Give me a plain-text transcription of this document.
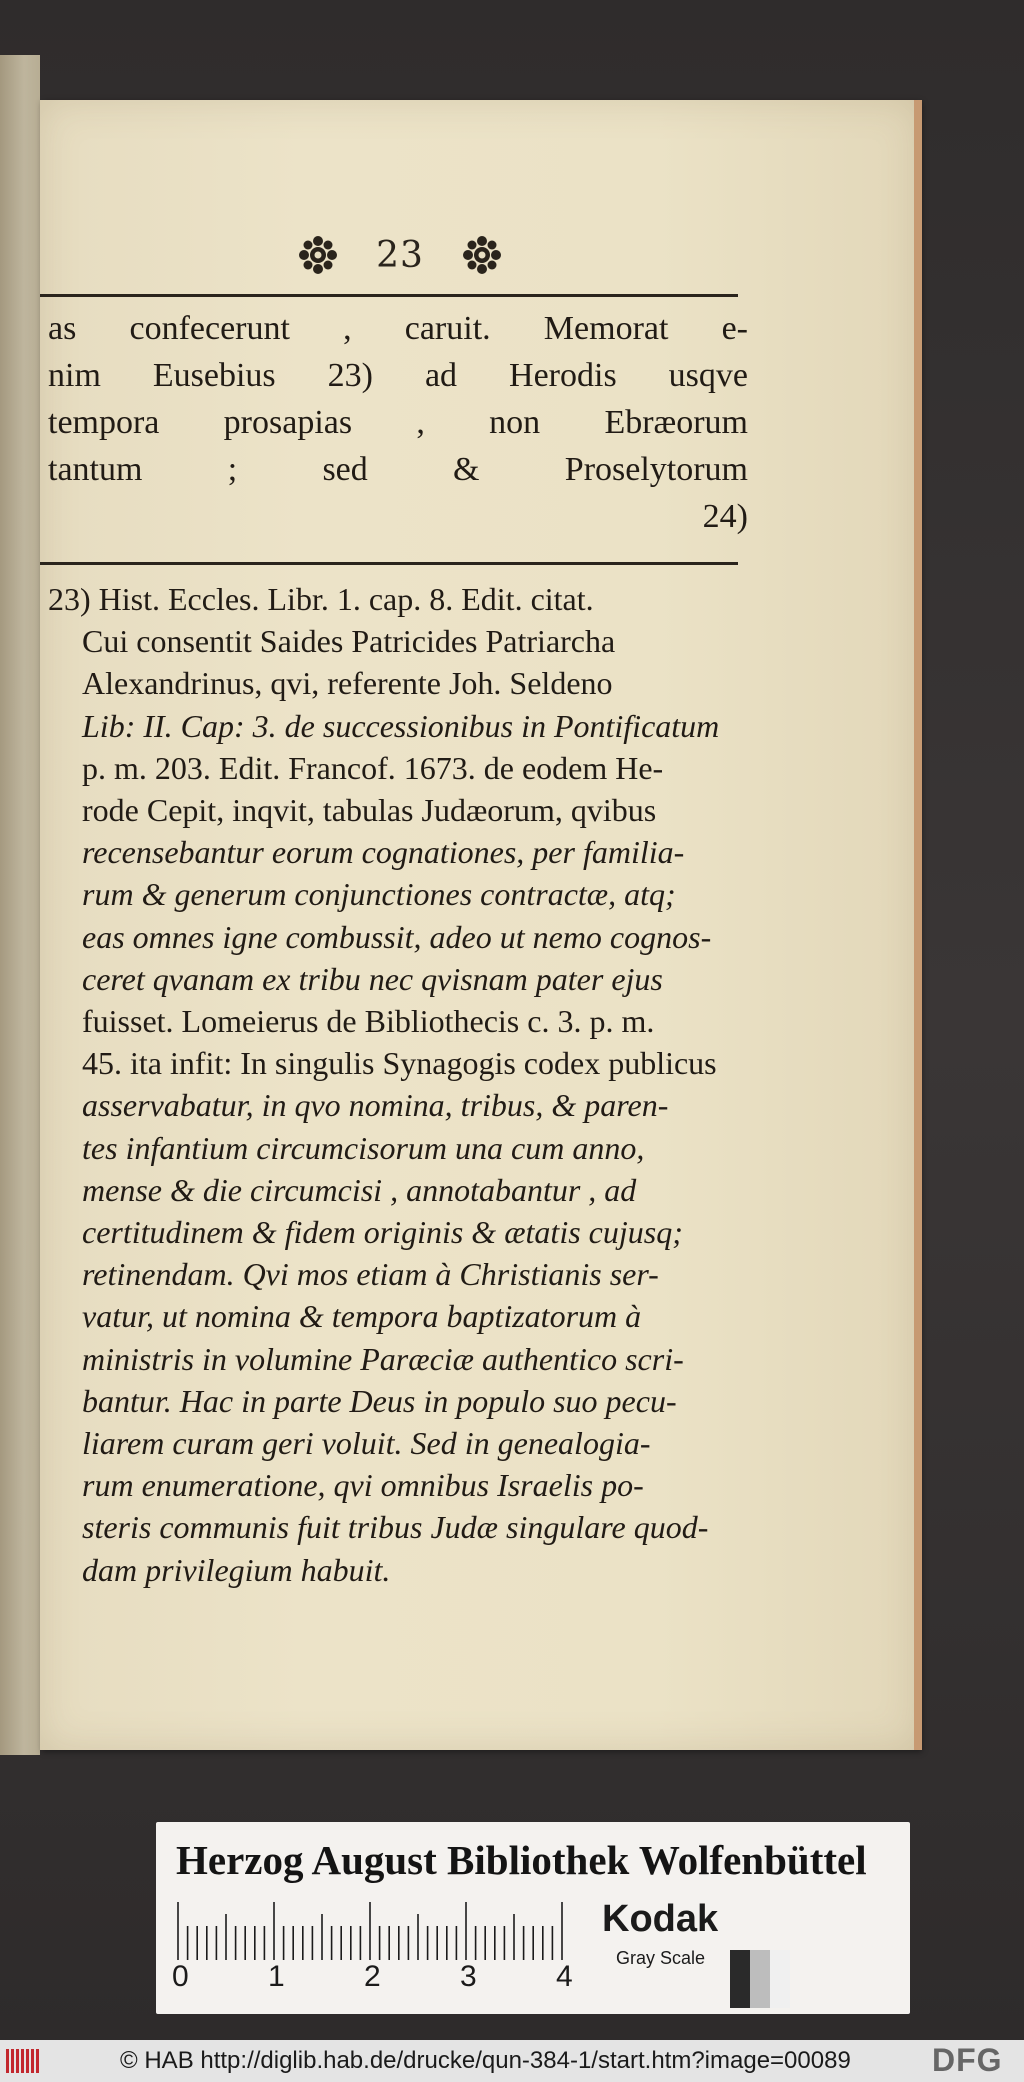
23
as confecerunt , caruit. Memorat e-
nim Eusebius 23) ad Herodis usqve
tempora prosapias , non Ebræorum
tantum ; sed & Proselytorum
24)
23) Hist. Eccles. Libr. 1. cap. 8. Edit. citat.
Cui consentit Saides Patricides Patriarcha
Alexandrinus, qvi, referente Joh. Seldeno
Lib: II. Cap: 3. de successionibus in Pontificatum
p. m. 203. Edit. Francof. 1673. de eodem He-
rode Cepit, inqvit, tabulas Judæorum, qvibus
recensebantur eorum cognationes, per familia-
rum & generum conjunctiones contractæ, atq;
eas omnes igne combussit, adeo ut nemo cognos-
ceret qvanam ex tribu nec qvisnam pater ejus
fuisset. Lomeierus de Bibliothecis c. 3. p. m.
45. ita infit: In singulis Synagogis codex publicus
asservabatur, in qvo nomina, tribus, & paren-
tes infantium circumcisorum una cum anno,
mense & die circumcisi , annotabantur , ad
certitudinem & fidem originis & ætatis cujusq;
retinendam. Qvi mos etiam à Christianis ser-
vatur, ut nomina & tempora baptizatorum à
ministris in volumine Paræciæ authentico scri-
bantur. Hac in parte Deus in populo suo pecu-
liarem curam geri voluit. Sed in genealogia-
rum enumeratione, qvi omnibus Israelis po-
steris communis fuit tribus Judæ singulare quod-
dam privilegium habuit.
Herzog August Bibliothek Wolfenbüttel
0	1	2	3	4
Kodak
Gray Scale
© HAB http://diglib.hab.de/drucke/qun-384-1/start.htm?image=00089	DFG
